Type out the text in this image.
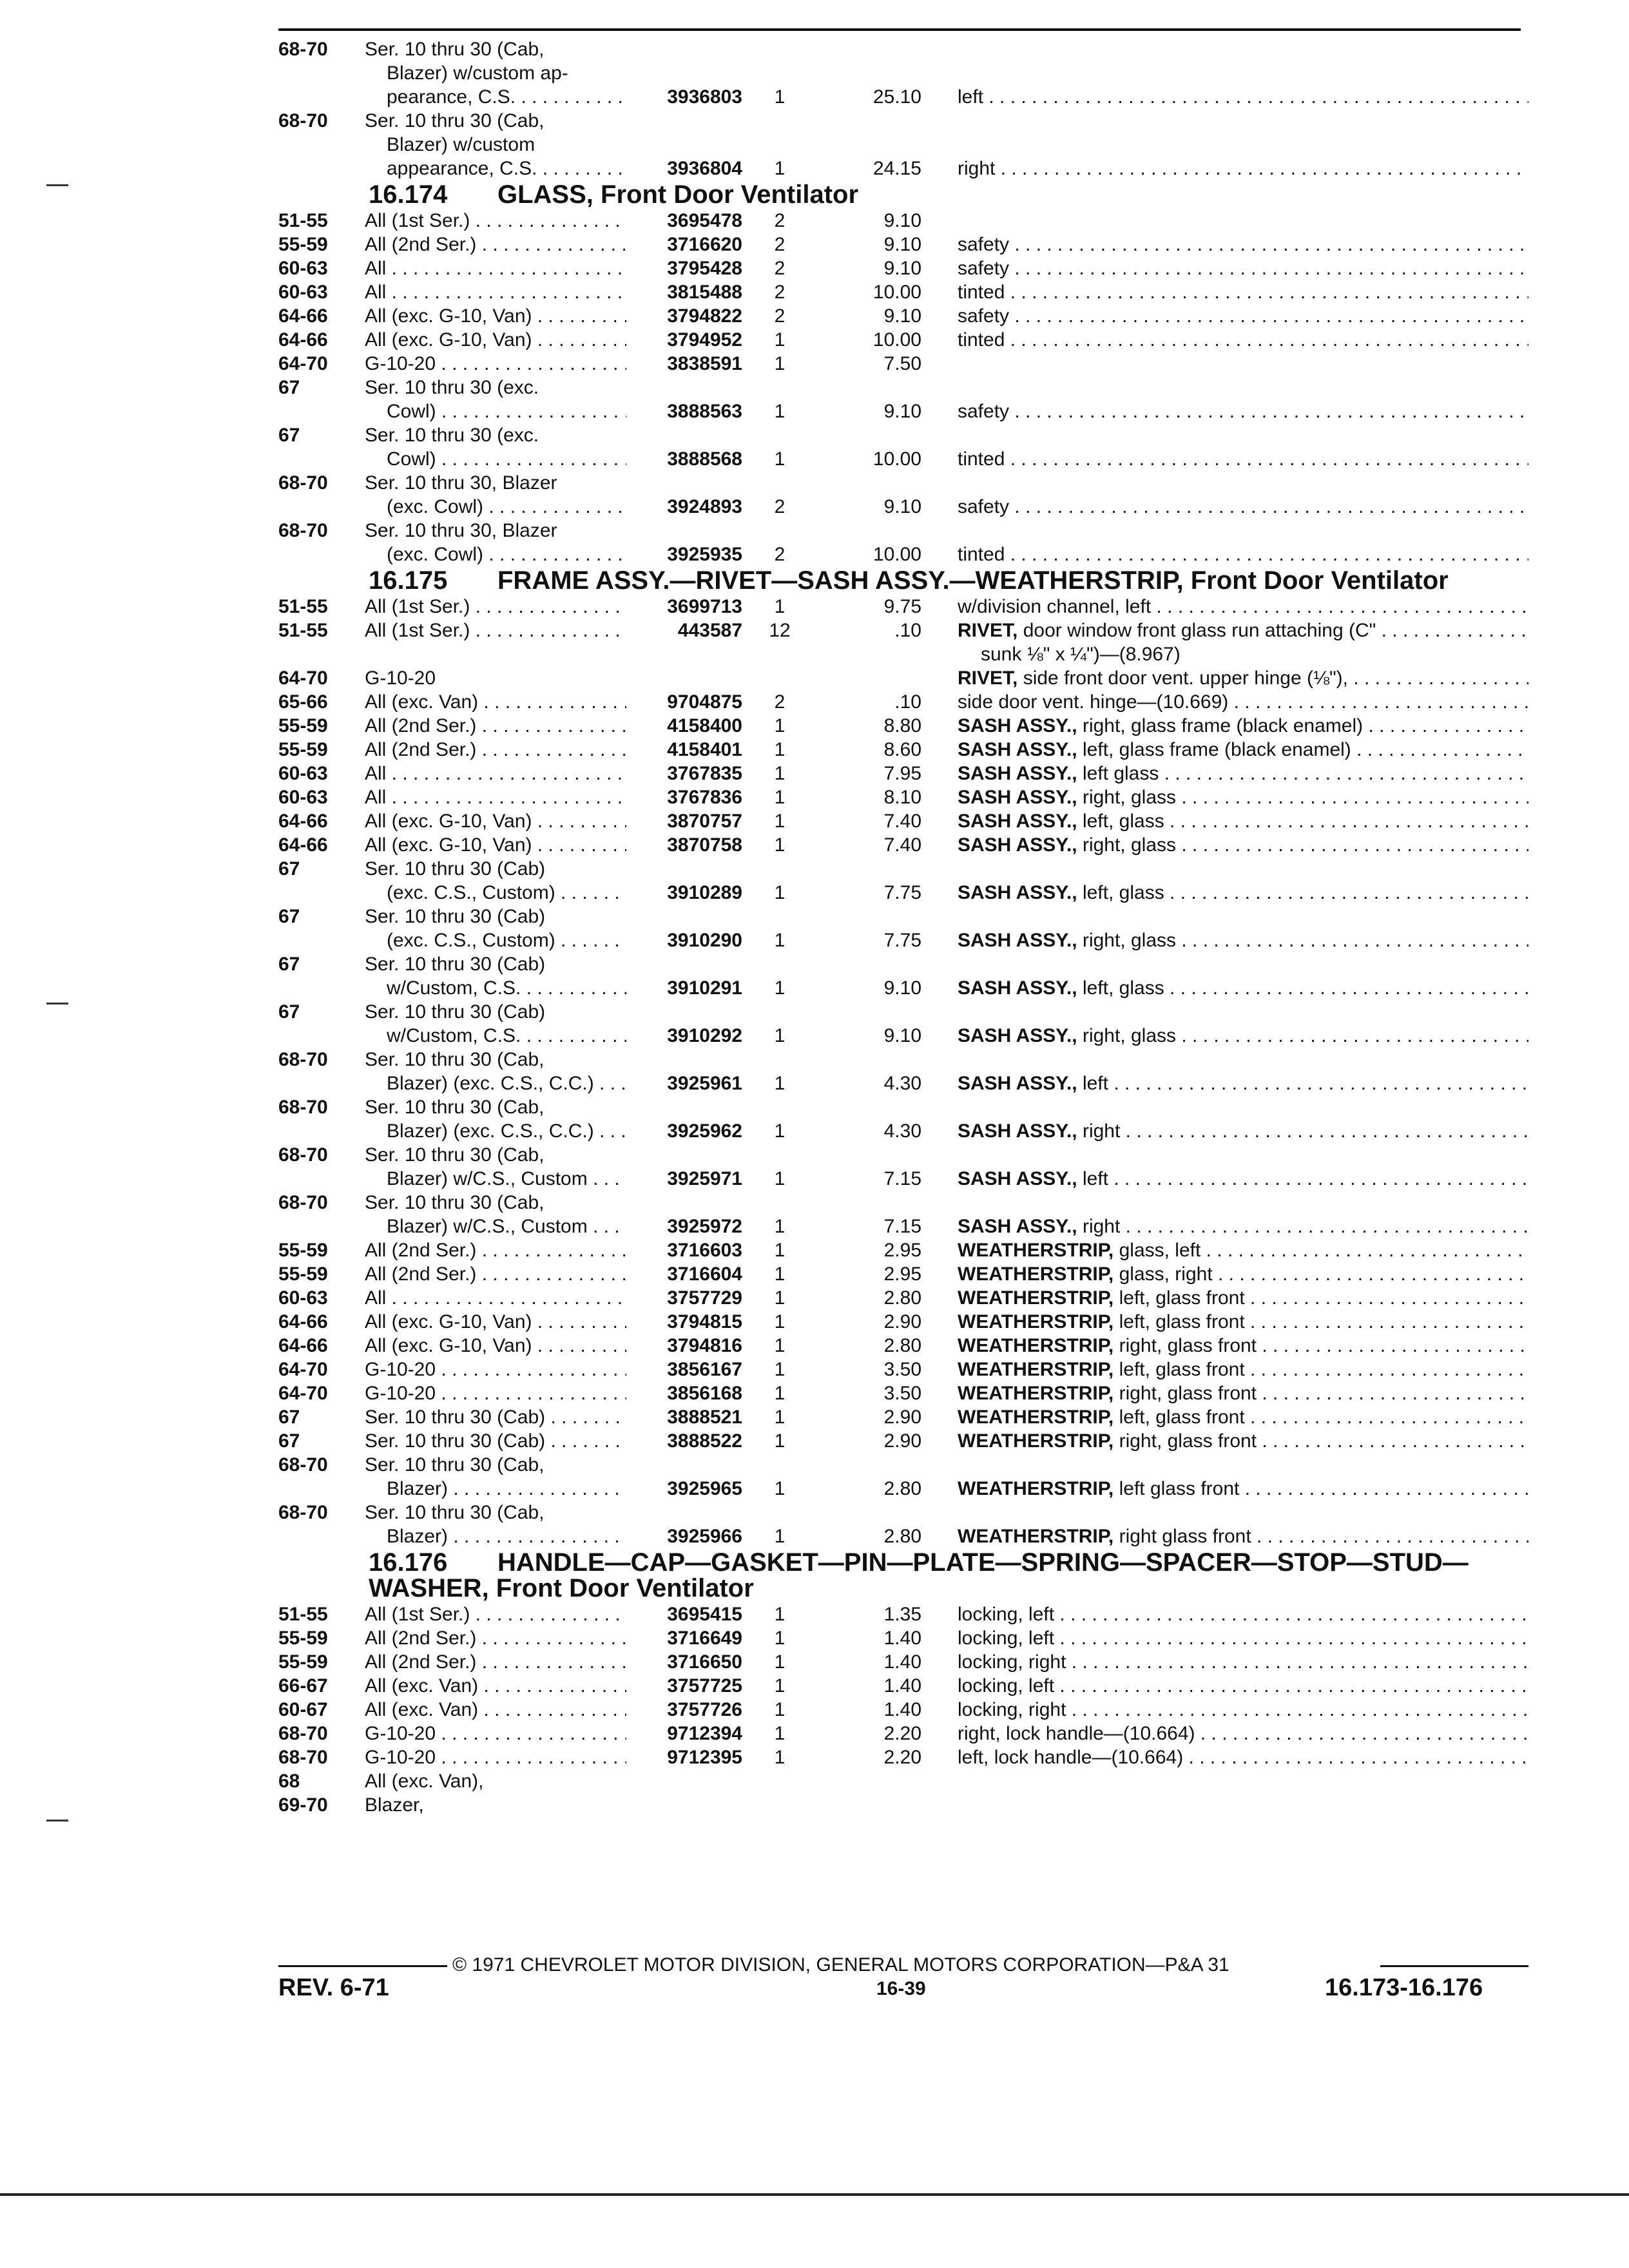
68-70 Ser. 10 thru 30 (Cab,
Blazer) w/custom ap-
pearance, C.S. . . .	3936803	1	25.10 left . . .
68-70 Ser. 10 thru 30 (Cab,
Blazer) w/custom
appearance, C.S. . . .	3936804	1	24.15 right . . .
16.174 GLASS, Front Door Ventilator
51-55 All (1st Ser.) . . .	3695478	2	9.10
55-59 All (2nd Ser.) . . .	3716620	2	9.10 safety . . .
60-63 All . . .	3795428	2	9.10 safety . . .
60-63 All . . .	3815488	2	10.00 tinted . . .
64-66 All (exc. G-10, Van) . . .	3794822	2	9.10 safety . . .
64-66 All (exc. G-10, Van) . . .	3794952	1	10.00 tinted . . .
64-70 G-10-20 . . .	3838591	1	7.50
67	Ser. 10 thru 30 (exc.
Cowl) . . .	3888563	1	9.10 safety . . .
67	Ser. 10 thru 30 (exc.
Cowl) . . .	3888568	1	10.00 tinted . . .
68-70 Ser. 10 thru 30, Blazer
(exc. Cowl) . . .	3924893	2	9.10 safety . . .
68-70 Ser. 10 thru 30, Blazer
(exc. Cowl) . . .	3925935	2	10.00 tinted . . .
16.175 FRAME ASSY.—RIVET—SASH ASSY.—WEATHERSTRIP, Front Door Ventilator
51-55 All (1st Ser.) . . .	3699713	1	9.75 w/division channel, left . . .
51-55 All (1st Ser.) . . .	443587	12	.10 RIVET, door window front glass run attaching (C" . . .
sunk ⅛" x ¼")—(8.967)
64-70 G-10-20	RIVET, side front door vent. upper hinge (⅛"), . . .
65-66 All (exc. Van) . . .	9704875	2	.10 side door vent. hinge—(10.669) . . .
55-59 All (2nd Ser.) . . .	4158400	1	8.80 SASH ASSY., right, glass frame (black enamel) . . .
55-59 All (2nd Ser.) . . .	4158401	1	8.60 SASH ASSY., left, glass frame (black enamel) . . .
60-63 All . . .	3767835	1	7.95 SASH ASSY., left glass . . .
60-63 All . . .	3767836	1	8.10 SASH ASSY., right, glass . . .
64-66 All (exc. G-10, Van) . . .	3870757	1	7.40 SASH ASSY., left, glass . . .
64-66 All (exc. G-10, Van) . . .	3870758	1	7.40 SASH ASSY., right, glass . . .
67	Ser. 10 thru 30 (Cab)
(exc. C.S., Custom) . . .	3910289	1	7.75 SASH ASSY., left, glass . . .
67	Ser. 10 thru 30 (Cab)
(exc. C.S., Custom) . . .	3910290	1	7.75 SASH ASSY., right, glass . . .
67	Ser. 10 thru 30 (Cab)
w/Custom, C.S. . . .	3910291	1	9.10 SASH ASSY., left, glass . . .
67	Ser. 10 thru 30 (Cab)
w/Custom, C.S. . . .	3910292	1	9.10 SASH ASSY., right, glass . . .
68-70 Ser. 10 thru 30 (Cab,
Blazer) (exc. C.S., C.C.) . . . .	3925961	1	4.30 SASH ASSY., left . . .
68-70 Ser. 10 thru 30 (Cab,
Blazer) (exc. C.S., C.C.) . . . .	3925962	1	4.30 SASH ASSY., right . . .
68-70 Ser. 10 thru 30 (Cab,
Blazer) w/C.S., Custom . . .	3925971	1	7.15 SASH ASSY., left . . .
68-70 Ser. 10 thru 30 (Cab,
Blazer) w/C.S., Custom . . .	3925972	1	7.15 SASH ASSY., right . . .
55-59 All (2nd Ser.) . . .	3716603	1	2.95 WEATHERSTRIP, glass, left . . .
55-59 All (2nd Ser.) . . .	3716604	1	2.95 WEATHERSTRIP, glass, right . . .
60-63 All . . .	3757729	1	2.80 WEATHERSTRIP, left, glass front . . .
64-66 All (exc. G-10, Van) . . .	3794815	1	2.90 WEATHERSTRIP, left, glass front . . .
64-66 All (exc. G-10, Van) . . .	3794816	1	2.80 WEATHERSTRIP, right, glass front . . .
64-70 G-10-20 . . .	3856167	1	3.50 WEATHERSTRIP, left, glass front . . .
64-70 G-10-20 . . .	3856168	1	3.50 WEATHERSTRIP, right, glass front . . .
67	Ser. 10 thru 30 (Cab) . . .	3888521	1	2.90 WEATHERSTRIP, left, glass front . . .
67	Ser. 10 thru 30 (Cab) . . .	3888522	1	2.90 WEATHERSTRIP, right, glass front . . .
68-70 Ser. 10 thru 30 (Cab,
Blazer) . . .	3925965	1	2.80 WEATHERSTRIP, left glass front . . .
68-70 Ser. 10 thru 30 (Cab,
Blazer) . . .	3925966	1	2.80 WEATHERSTRIP, right glass front . . .
16.176 HANDLE—CAP—GASKET—PIN—PLATE—SPRING—SPACER—STOP—STUD—WASHER, Front Door Ventilator
51-55 All (1st Ser.) . . .	3695415	1	1.35 locking, left . . .
55-59 All (2nd Ser.) . . .	3716649	1	1.40 locking, left . . .
55-59 All (2nd Ser.) . . .	3716650	1	1.40 locking, right . . .
66-67 All (exc. Van) . . .	3757725	1	1.40 locking, left . . .
60-67 All (exc. Van) . . .	3757726	1	1.40 locking, right . . .
68-70 G-10-20 . . .	9712394	1	2.20 right, lock handle—(10.664) . . .
68-70 G-10-20 . . .	9712395	1	2.20 left, lock handle—(10.664) . . .
68	All (exc. Van),
69-70 Blazer,
© 1971 CHEVROLET MOTOR DIVISION, GENERAL MOTORS CORPORATION—P&A 31
REV. 6-71	16-39	16.173-16.176
